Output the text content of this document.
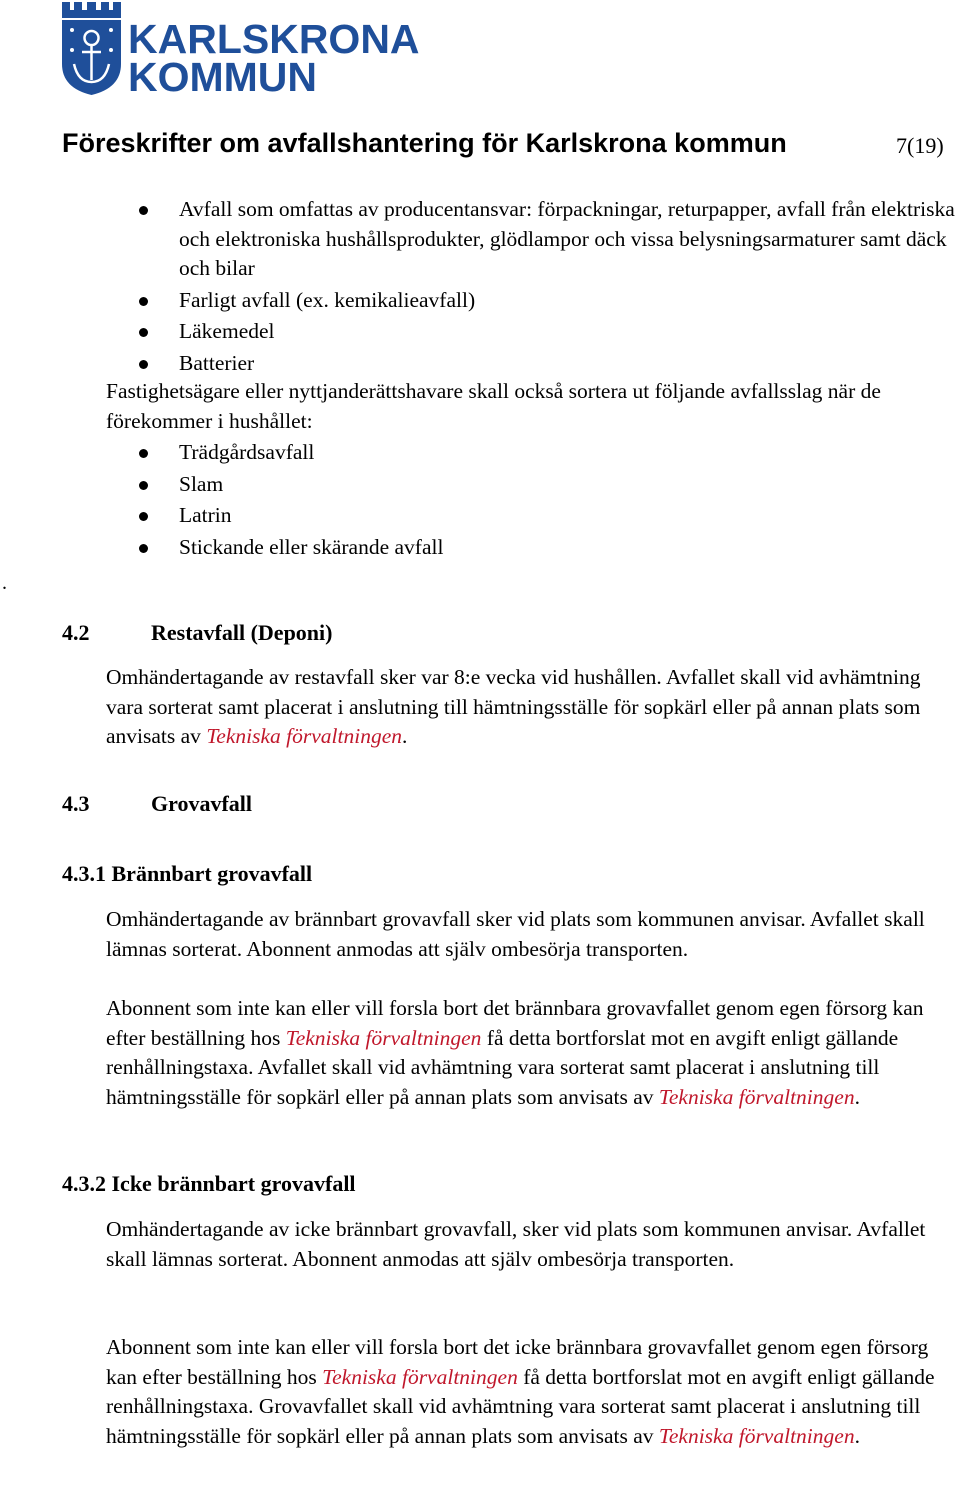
KARLSKRONA
KOMMUN
Föreskrifter om avfallshantering för Karlskrona kommun	7(19)
Avfall som omfattas av producentansvar: förpackningar, returpapper, avfall från elektriska och elektroniska hushållsprodukter, glödlampor och vissa belysningsarmaturer samt däck och bilar
Farligt avfall (ex. kemikalieavfall)
Läkemedel
Batterier
Fastighetsägare eller nyttjanderättshavare skall också sortera ut följande avfallsslag när de förekommer i hushållet:
Trädgårdsavfall
Slam
Latrin
Stickande eller skärande avfall
.
4.2	Restavfall (Deponi)
Omhändertagande av restavfall sker var 8:e vecka vid hushållen. Avfallet skall vid avhämtning vara sorterat samt placerat i anslutning till hämtningsställe för sopkärl eller på annan plats som anvisats av Tekniska förvaltningen.
4.3	Grovavfall
4.3.1 Brännbart grovavfall
Omhändertagande av brännbart grovavfall sker vid plats som kommunen anvisar. Avfallet skall lämnas sorterat. Abonnent anmodas att själv ombesörja transporten.
Abonnent som inte kan eller vill forsla bort det brännbara grovavfallet genom egen försorg kan efter beställning hos Tekniska förvaltningen få detta bortforslat mot en avgift enligt gällande renhållningstaxa. Avfallet skall vid avhämtning vara sorterat samt placerat i anslutning till hämtningsställe för sopkärl eller på annan plats som anvisats av Tekniska förvaltningen.
4.3.2 Icke brännbart grovavfall
Omhändertagande av icke brännbart grovavfall, sker vid plats som kommunen anvisar. Avfallet skall lämnas sorterat. Abonnent anmodas att själv ombesörja transporten.
Abonnent som inte kan eller vill forsla bort det icke brännbara grovavfallet genom egen försorg kan efter beställning hos Tekniska förvaltningen få detta bortforslat mot en avgift enligt gällande renhållningstaxa. Grovavfallet skall vid avhämtning vara sorterat samt placerat i anslutning till hämtningsställe för sopkärl eller på annan plats som anvisats av Tekniska förvaltningen.
